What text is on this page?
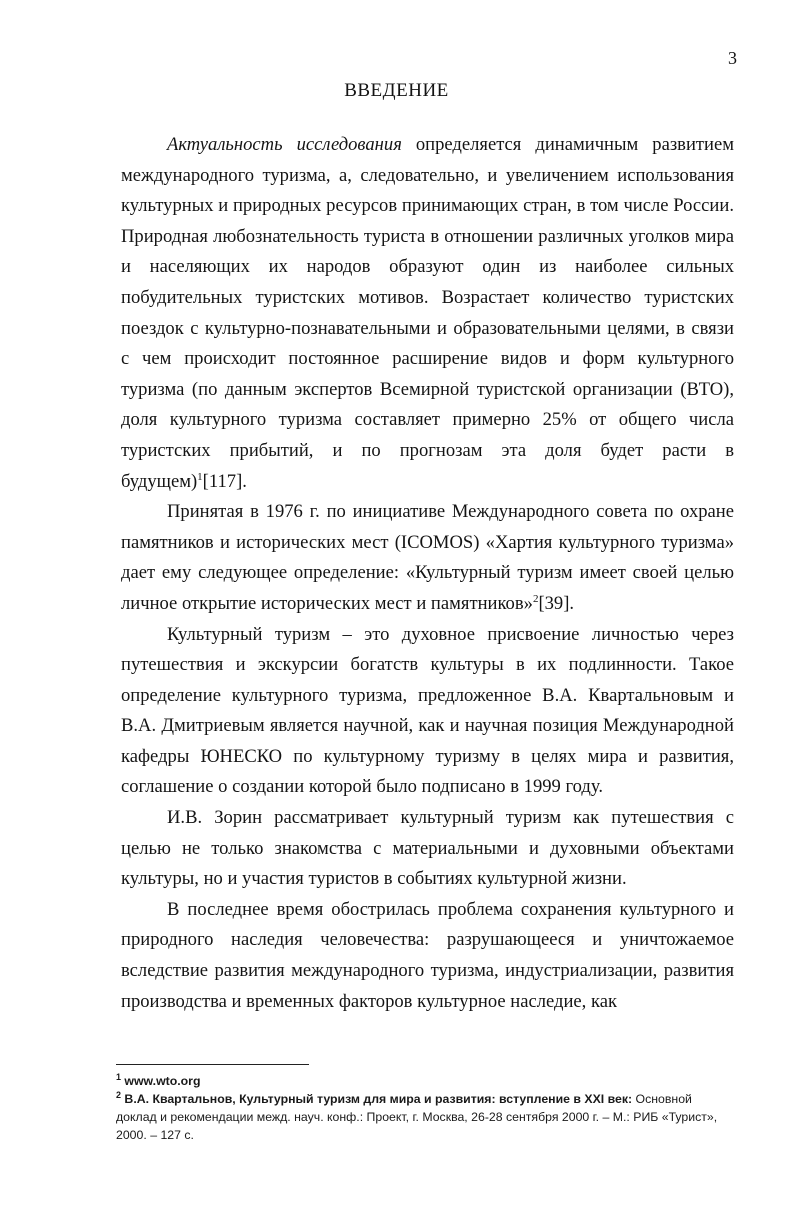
3
ВВЕДЕНИЕ

Актуальность исследования определяется динамичным развитием международного туризма, а, следовательно, и увеличением использования культурных и природных ресурсов принимающих стран, в том числе России. Природная любознательность туриста в отношении различных уголков мира и населяющих их народов образуют один из наиболее сильных побудительных туристских мотивов. Возрастает количество туристских поездок с культурно-познавательными и образовательными целями, в связи с чем происходит постоянное расширение видов и форм культурного туризма (по данным экспертов Всемирной туристской организации (ВТО), доля культурного туризма составляет примерно 25% от общего числа туристских прибытий, и по прогнозам эта доля будет расти в будущем)$^1$[117].

Принятая в 1976 г. по инициативе Международного совета по охране памятников и исторических мест (ICOMOS) «Хартия культурного туризма» дает ему следующее определение: «Культурный туризм имеет своей целью личное открытие исторических мест и памятников»$^2$[39].

Культурный туризм – это духовное присвоение личностью через путешествия и экскурсии богатств культуры в их подлинности. Такое определение культурного туризма, предложенное В.А. Квартальновым и В.А. Дмитриевым является научной, как и научная позиция Международной кафедры ЮНЕСКО по культурному туризму в целях мира и развития, соглашение о создании которой было подписано в 1999 году.

И.В. Зорин рассматривает культурный туризм как путешествия с целью не только знакомства с материальными и духовными объектами культуры, но и участия туристов в событиях культурной жизни.

В последнее время обострилась проблема сохранения культурного и природного наследия человечества: разрушающееся и уничтожаемое вследствие развития международного туризма, индустриализации, развития производства и временных факторов культурное наследие, как

$^1$ www.wto.org

$^2$ В.А. Квартальнов, Культурный туризм для мира и развития: вступление в XXI век: Основной доклад и рекомендации межд. науч. конф.: Проект, г. Москва, 26-28 сентября 2000 г. – М.: РИБ «Турист», 2000. – 127 с.
